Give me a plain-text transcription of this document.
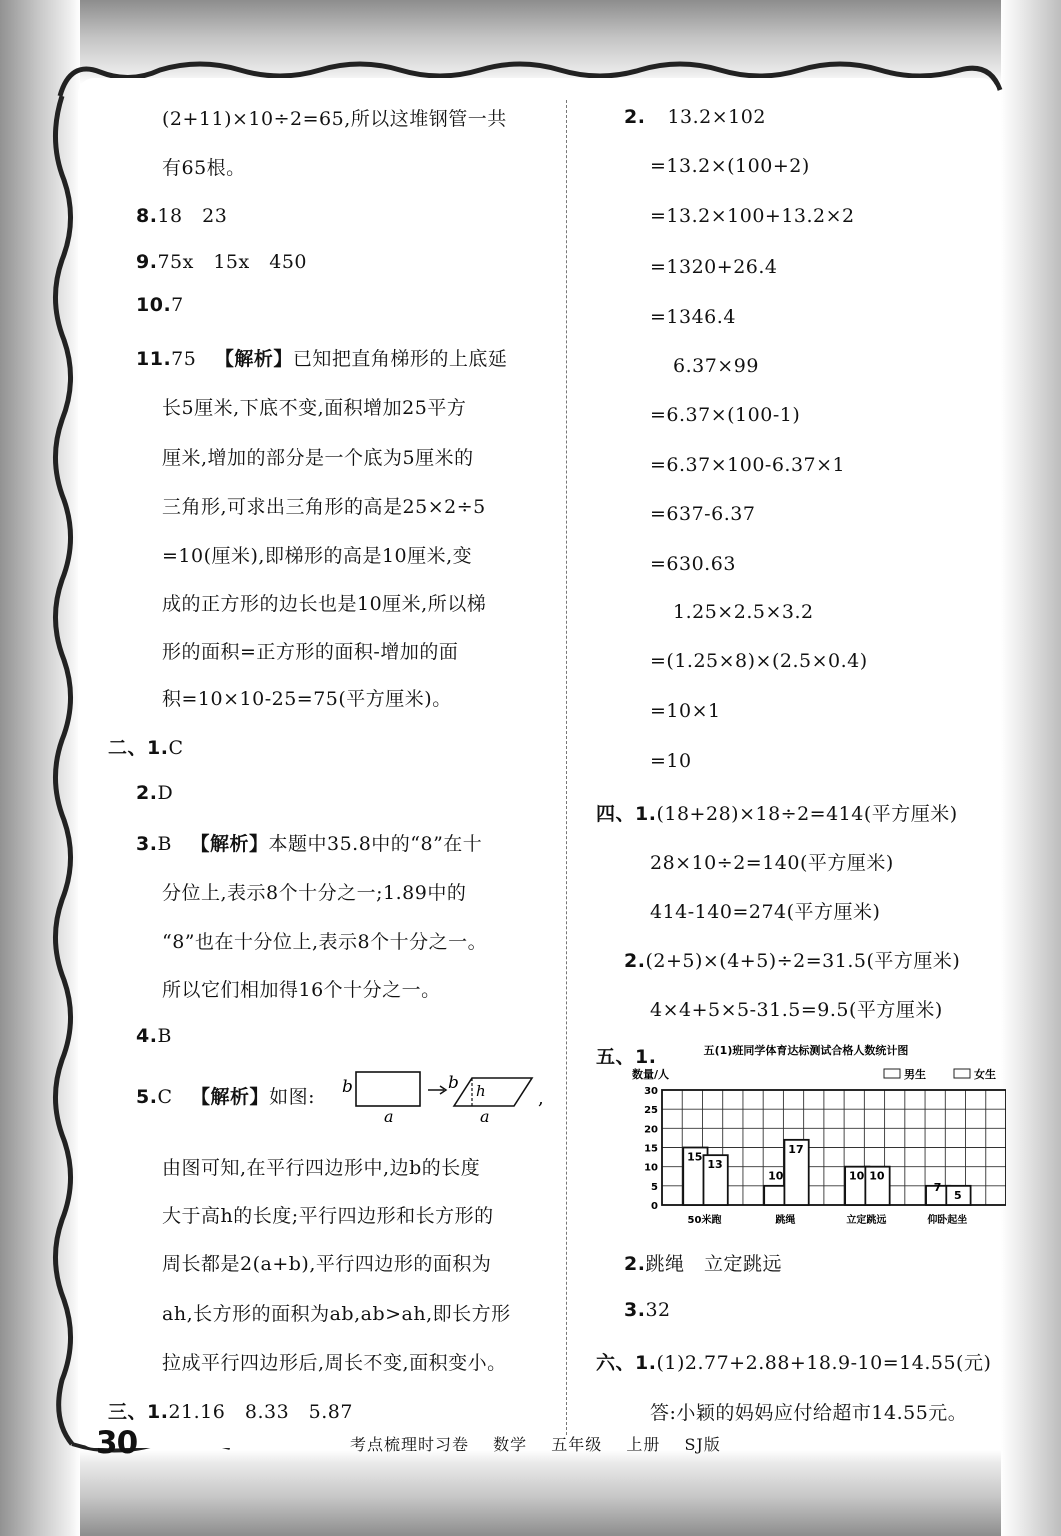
(2+11)×10÷2=65,所以这堆钢管一共
有65根。
8.18　23
9.75x　15x　450
10.7
11.75 【解析】已知把直角梯形的上底延
长5厘米,下底不变,面积增加25平方
厘米,增加的部分是一个底为5厘米的
三角形,可求出三角形的高是25×2÷5
=10(厘米),即梯形的高是10厘米,变
成的正方形的边长也是10厘米,所以梯
形的面积=正方形的面积-增加的面
积=10×10-25=75(平方厘米)。
二、1.C
2.D
3.B 【解析】本题中35.8中的“8”在十
分位上,表示8个十分之一;1.89中的
“8”也在十分位上,表示8个十分之一。
所以它们相加得16个十分之一。
4.B
5.C 【解析】如图: b
a
b h
a
,
由图可知,在平行四边形中,边b的长度
大于高h的长度;平行四边形和长方形的
周长都是2(a+b),平行四边形的面积为
ah,长方形的面积为ab,ab>ah,即长方形
拉成平行四边形后,周长不变,面积变小。
三、1.21.16　8.33　5.87
2. 13.2×102
=13.2×(100+2)
=13.2×100+13.2×2
=1320+26.4
=1346.4
6.37×99
=6.37×(100-1)
=6.37×100-6.37×1
=637-6.37
=630.63
1.25×2.5×3.2
=(1.25×8)×(2.5×0.4)
=10×1
=10
四、1.(18+28)×18÷2=414(平方厘米)
28×10÷2=140(平方厘米)
414-140=274(平方厘米)
2.(2+5)×(4+5)÷2=31.5(平方厘米)
4×4+5×5-31.5=9.5(平方厘米)
五、1.	五(1)班同学体育达标测试合格人数统计图
数量/人	男生	女生
0
5
10
15
20
25
30
50米跑	跳绳	立定跳远	仰卧起坐
15
13
10
17
10 10
7
5
2.跳绳　立定跳远
3.32
六、1.(1)2.77+2.88+18.9-10=14.55(元)
答:小颖的妈妈应付给超市14.55元。
30	考点梳理时习卷 数学 五年级 上册 SJ版
